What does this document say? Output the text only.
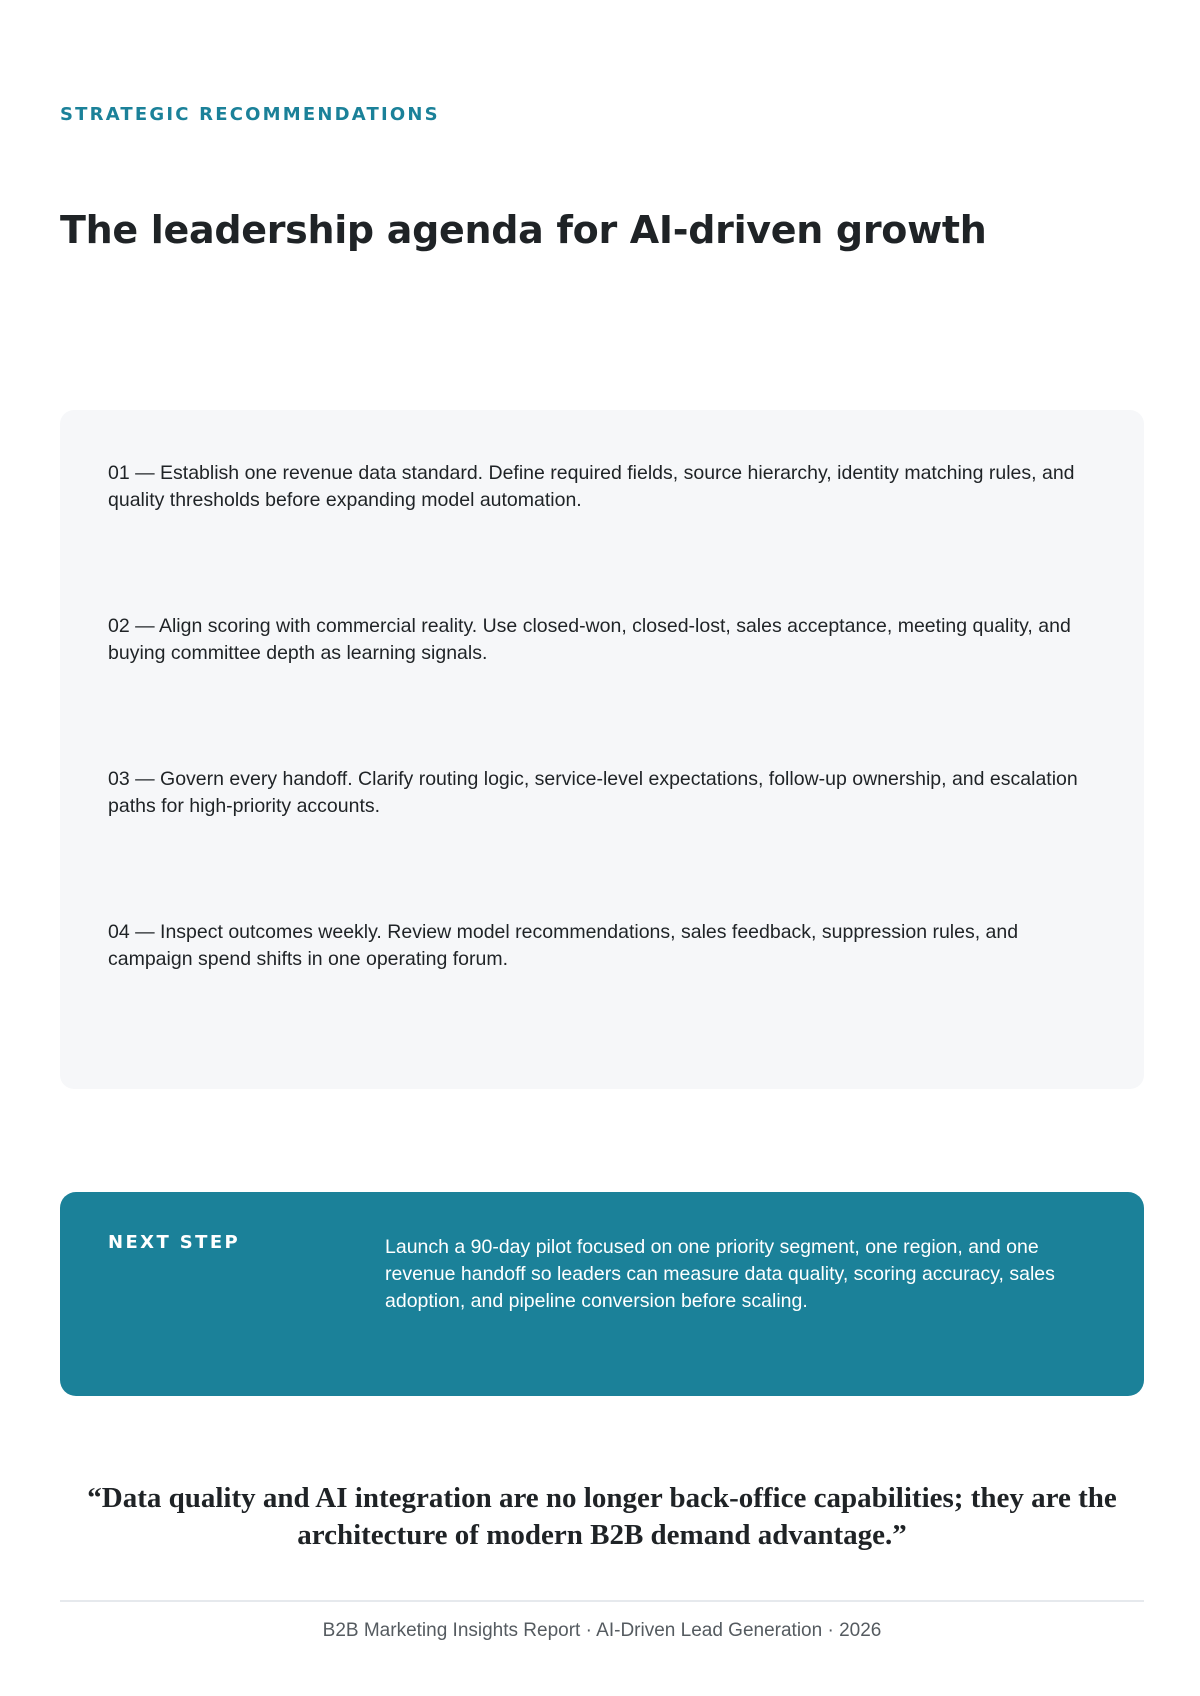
STRATEGIC RECOMMENDATIONS
The leadership agenda for AI-driven growth

01 — Establish one revenue data standard. Define required fields, source hierarchy, identity matching rules, and quality thresholds before expanding model automation.

02 — Align scoring with commercial reality. Use closed-won, closed-lost, sales acceptance, meeting quality, and buying committee depth as learning signals.

03 — Govern every handoff. Clarify routing logic, service-level expectations, follow-up ownership, and escalation paths for high-priority accounts.

04 — Inspect outcomes weekly. Review model recommendations, sales feedback, suppression rules, and campaign spend shifts in one operating forum.

NEXT STEP	Launch a 90-day pilot focused on one priority segment, one region, and one revenue handoff so leaders can measure data quality, scoring accuracy, sales adoption, and pipeline conversion before scaling.

“Data quality and AI integration are no longer back-office capabilities; they are the architecture of modern B2B demand advantage.”
B2B Marketing Insights Report · AI-Driven Lead Generation · 2026
